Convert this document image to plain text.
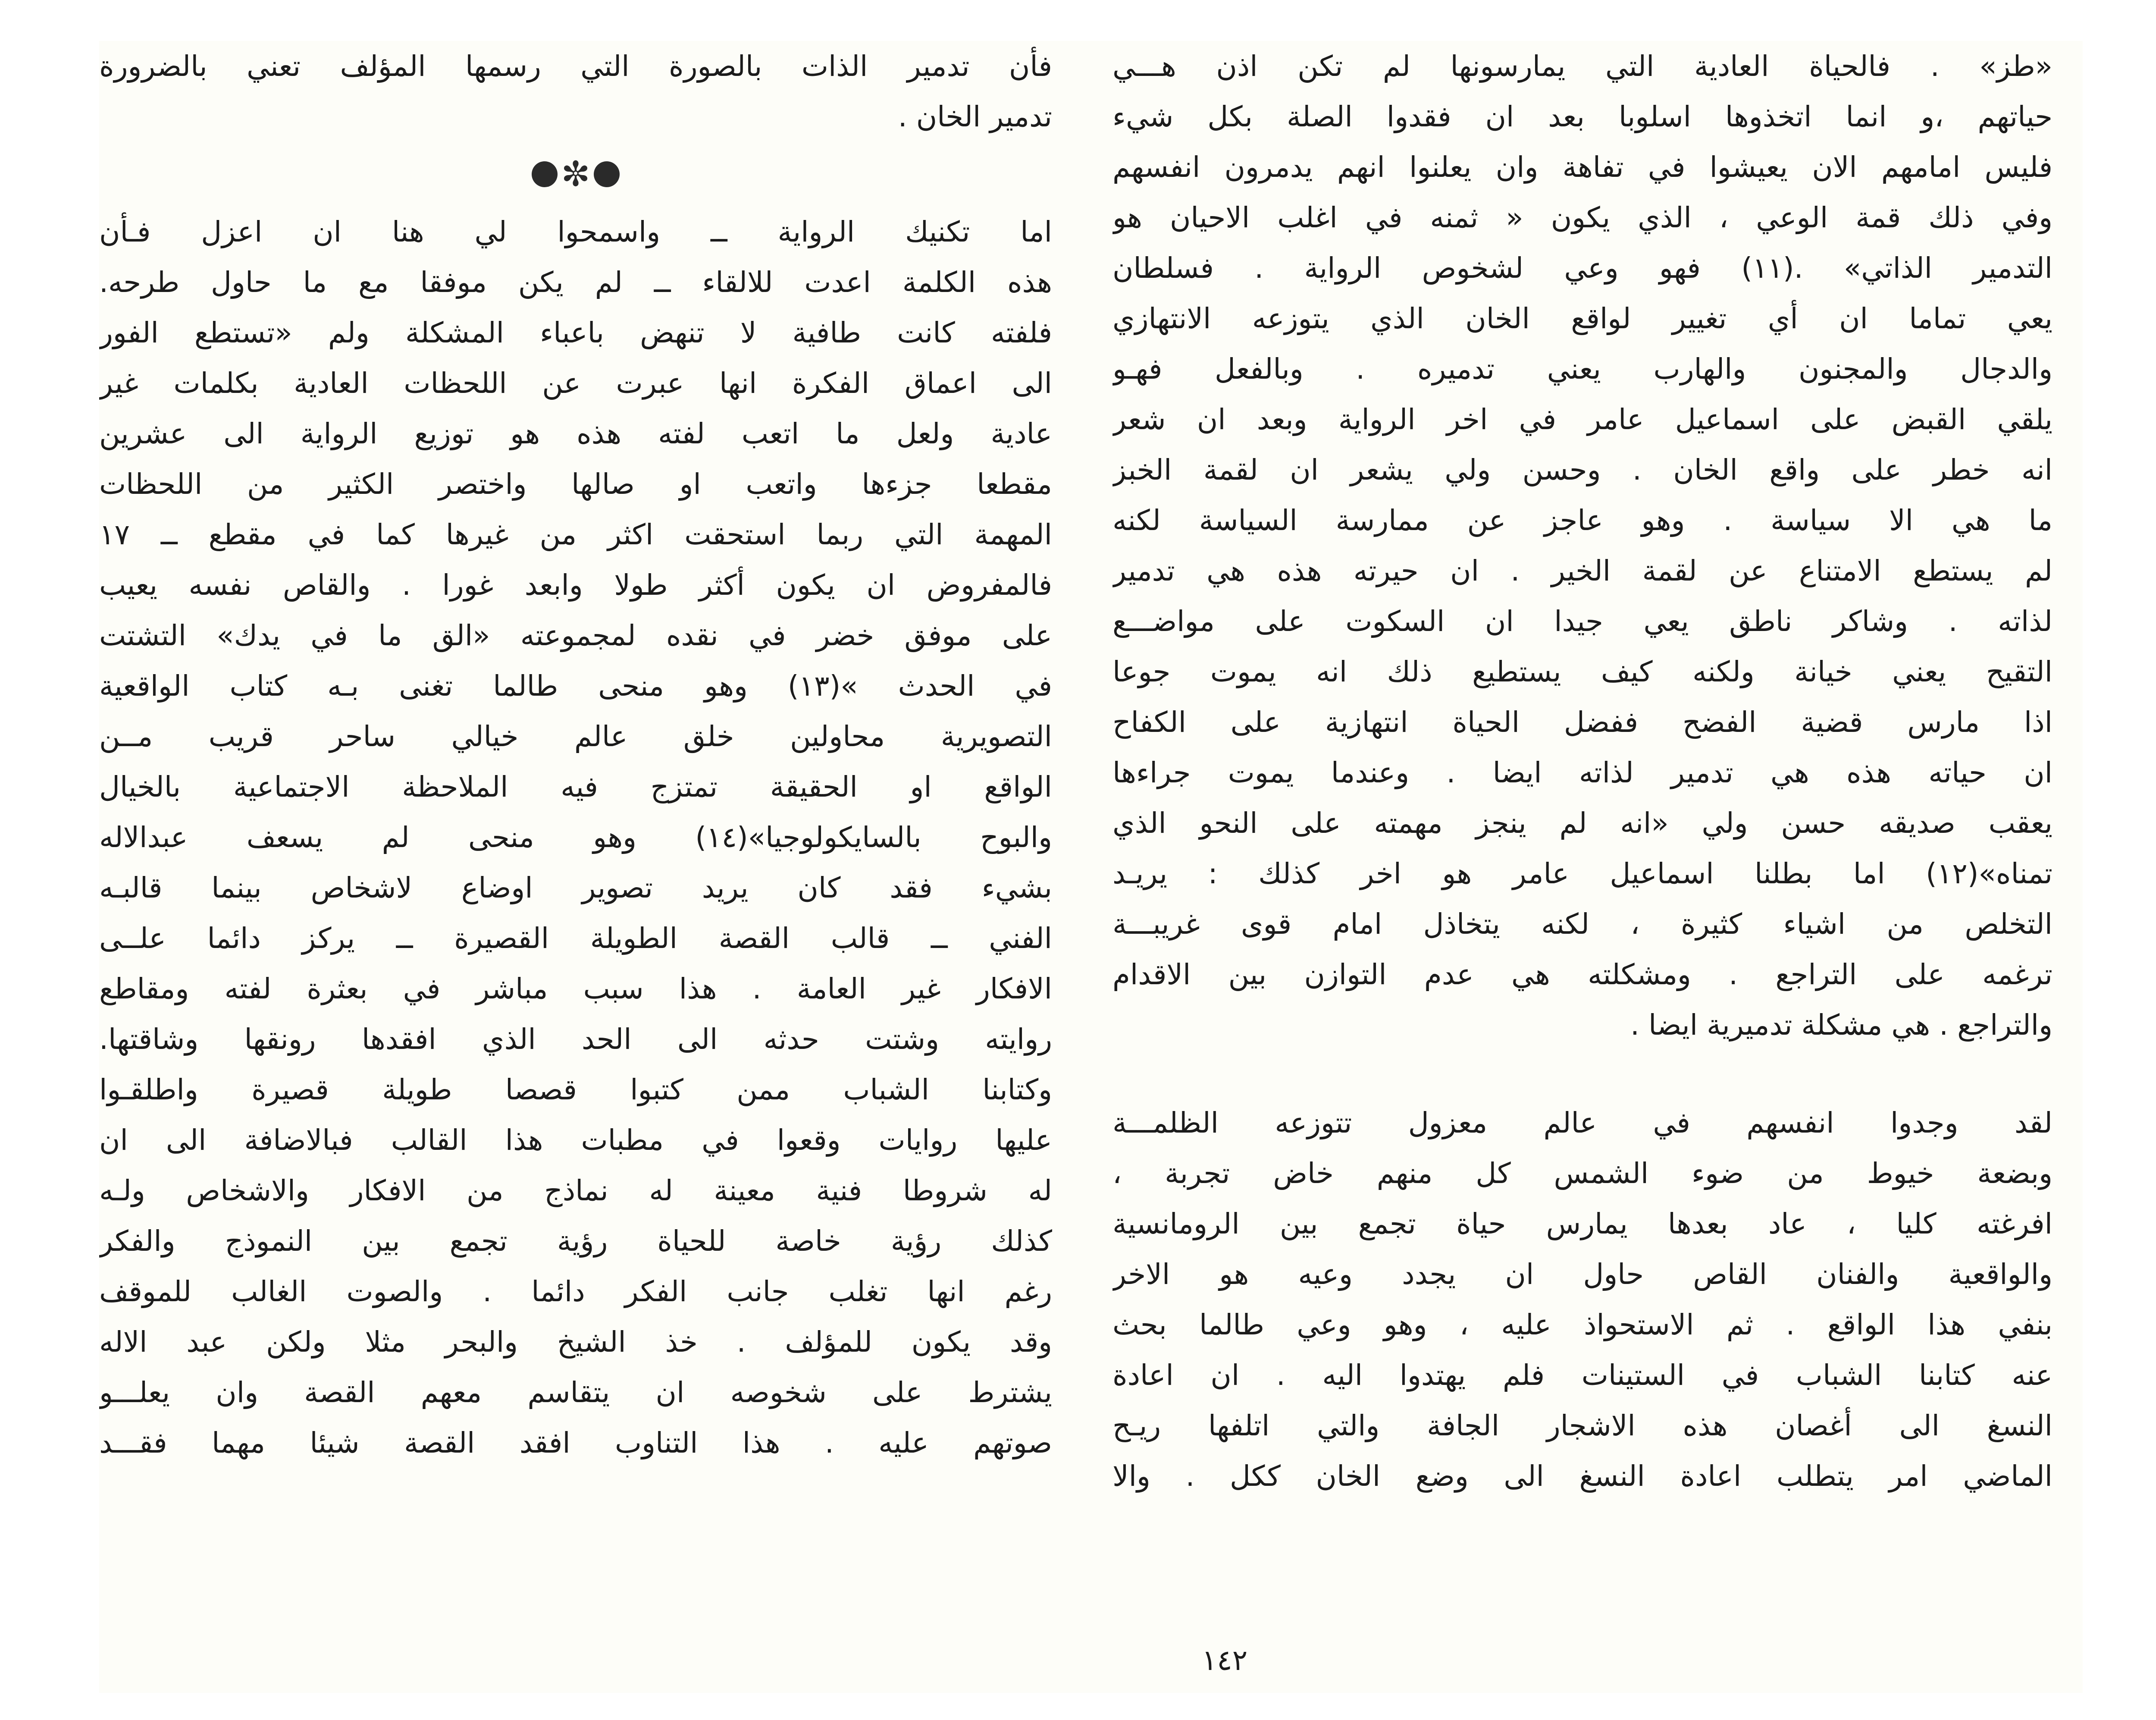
«طز» . فالحياة العادية التي يمارسونها لم تكن اذن هـــي
حياتهم ،و انما اتخذوها اسلوبا بعد ان فقدوا الصلة بكل شيء
فليس امامهم الان يعيشوا في تفاهة وان يعلنوا انهم يدمرون انفسهم
وفي ذلك قمة الوعي ، الذي يكون « ثمنه في اغلب الاحيان هو
التدمير الذاتي» .(١١) فهو وعي لشخوص الرواية . فسلطان
يعي تماما ان أي تغيير لواقع الخان الذي يتوزعه الانتهازي
والدجال والمجنون والهارب يعني تدميره . وبالفعل فهـو
يلقي القبض على اسماعيل عامر في اخر الرواية وبعد ان شعر
انه خطر على واقع الخان . وحسن ولي يشعر ان لقمة الخبز
ما هي الا سياسة . وهو عاجز عن ممارسة السياسة لكنه
لم يستطع الامتناع عن لقمة الخير . ان حيرته هذه هي تدمير
لذاته . وشاكر ناطق يعي جيدا ان السكوت على مواضـــع
التقيح يعني خيانة ولكنه كيف يستطيع ذلك انه يموت جوعا
اذا مارس قضية الفضح ففضل الحياة انتهازية على الكفاح
ان حياته هذه هي تدمير لذاته ايضا . وعندما يموت جراءها
يعقب صديقه حسن ولي «انه لم ينجز مهمته على النحو الذي
تمناه»(١٢) اما بطلنا اسماعيل عامر هو اخر كذلك : يريـد
التخلص من اشياء كثيرة ، لكنه يتخاذل امام قوى غريبـــة
ترغمه على التراجع . ومشكلته هي عدم التوازن بين الاقدام
والتراجع . هي مشكلة تدميرية ايضا .
لقد وجدوا انفسهم في عالم معزول تتوزعه الظلمـــة
وبضعة خيوط من ضوء الشمس كل منهم خاض تجربة ،
افرغته كليا ، عاد بعدها يمارس حياة تجمع بين الرومانسية
والواقعية والفنان القاص حاول ان يجدد وعيه هو الاخر
بنفي هذا الواقع . ثم الاستحواذ عليه ، وهو وعي طالما بحث
عنه كتابنا الشباب في الستينات فلم يهتدوا اليه . ان اعادة
النسغ الى أغصان هذه الاشجار الجافة والتي اتلفها ريـح
الماضي امر يتطلب اعادة النسغ الى وضع الخان ككل . والا
فأن تدمير الذات بالصورة التي رسمها المؤلف تعني بالضرورة
تدمير الخان .
✼
اما تكنيك الرواية ــ واسمحوا لي هنا ان اعزل فـأن
هذه الكلمة اعدت للالقاء ــ لم يكن موفقا مع ما حاول طرحه.
فلفته كانت طافية لا تنهض باعباء المشكلة ولم «تستطع الفور
الى اعماق الفكرة انها عبرت عن اللحظات العادية بكلمات غير
عادية ولعل ما اتعب لفته هذه هو توزيع الرواية الى عشرين
مقطعا جزءها واتعب او صالها واختصر الكثير من اللحظات
المهمة التي ربما استحقت اكثر من غيرها كما في مقطع ــ ١٧
فالمفروض ان يكون أكثر طولا وابعد غورا . والقاص نفسه يعيب
على موفق خضر في نقده لمجموعته «الق ما في يدك» التشتت
في الحدث »(١٣) وهو منحى طالما تغنى بـه كتاب الواقعية
التصويرية محاولين خلق عالم خيالي ساحر قريب مــن
الواقع او الحقيقة تمتزج فيه الملاحظة الاجتماعية بالخيال
والبوح بالسايكولوجيا»(١٤) وهو منحى لم يسعف عبدالاله
بشيء فقد كان يريد تصوير اوضاع لاشخاص بينما قالبـه
الفني ــ قالب القصة الطويلة القصيرة ــ يركز دائما علــى
الافكار غير العامة . هذا سبب مباشر في بعثرة لفته ومقاطع
روايته وشتت حدثه الى الحد الذي افقدها رونقها وشاقتها.
وكتابنا الشباب ممن كتبوا قصصا طويلة قصيرة واطلقـوا
عليها روايات وقعوا في مطبات هذا القالب فبالاضافة الى ان
له شروطا فنية معينة له نماذج من الافكار والاشخاص ولـه
كذلك رؤية خاصة للحياة رؤية تجمع بين النموذج والفكر
رغم انها تغلب جانب الفكر دائما . والصوت الغالب للموقف
وقد يكون للمؤلف . خذ الشيخ والبحر مثلا ولكن عبد الاله
يشترط على شخوصه ان يتقاسم معهم القصة وان يعلـــو
صوتهم عليه . هذا التناوب افقد القصة شيئا مهما فقـــد
١٤٢
